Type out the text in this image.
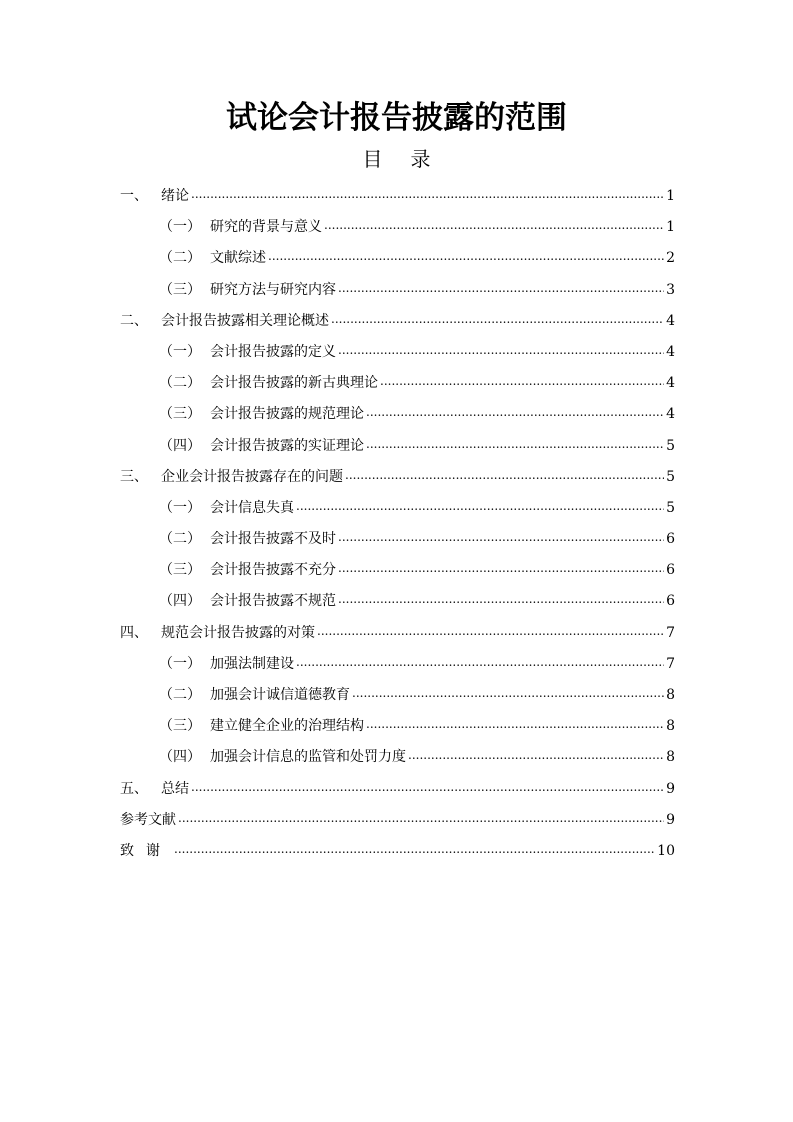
试论会计报告披露的范围
目 录
一、 绪论 .....	1
（一） 研究的背景与意义 .....	1
（二） 文献综述 .....	2
（三） 研究方法与研究内容 .....	3
二、 会计报告披露相关理论概述 .....	4
（一） 会计报告披露的定义 .....	4
（二） 会计报告披露的新古典理论 .....	4
（三） 会计报告披露的规范理论 .....	4
（四） 会计报告披露的实证理论 .....	5
三、 企业会计报告披露存在的问题 .....	5
（一） 会计信息失真 .....	5
（二） 会计报告披露不及时 .....	6
（三） 会计报告披露不充分 .....	6
（四） 会计报告披露不规范 .....	6
四、 规范会计报告披露的对策 .....	7
（一） 加强法制建设 .....	7
（二） 加强会计诚信道德教育 .....	8
（三） 建立健全企业的治理结构 .....	8
（四） 加强会计信息的监管和处罚力度 .....	8
五、 总结 .....	9
参考文献 .....	9
致谢 .....	10
